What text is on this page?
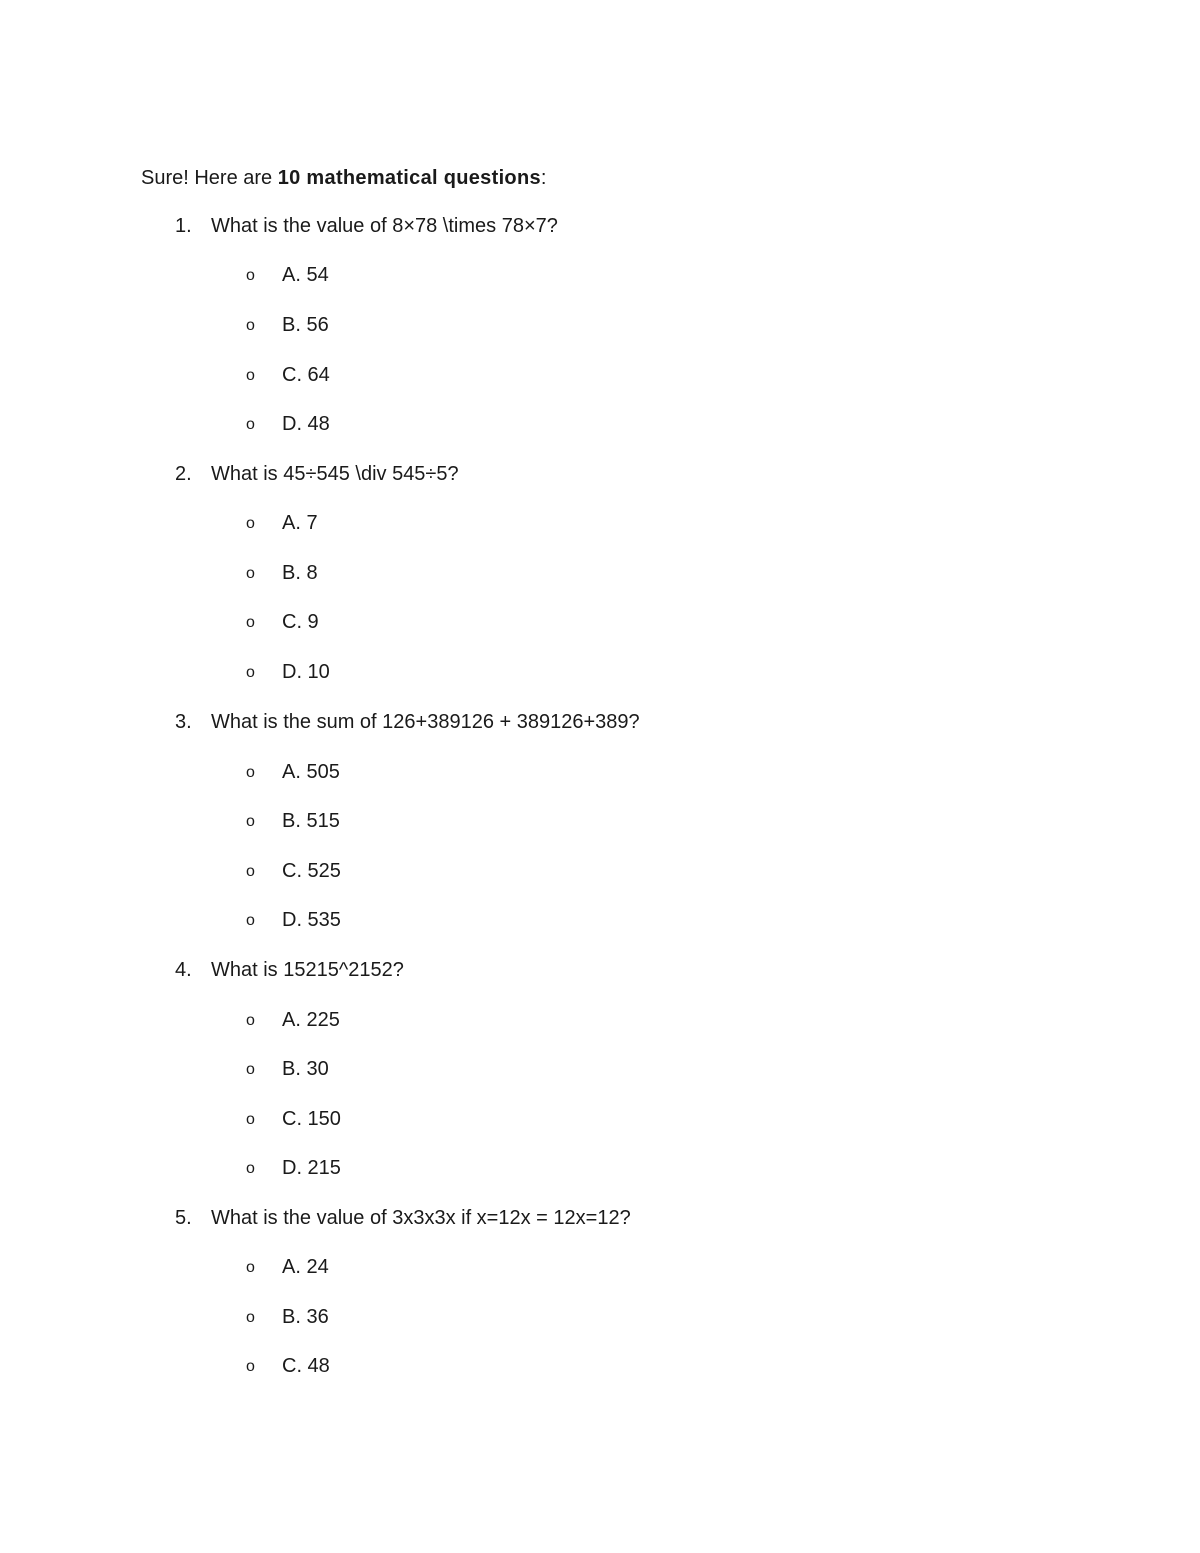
Sure! Here are 10 mathematical questions:
1. What is the value of 8×78 \times 78×7?
o A. 54
o B. 56
o C. 64
o D. 48
2. What is 45÷545 \div 545÷5?
o A. 7
o B. 8
o C. 9
o D. 10
3. What is the sum of 126+389126 + 389126+389?
o A. 505
o B. 515
o C. 525
o D. 535
4. What is 15215^2152?
o A. 225
o B. 30
o C. 150
o D. 215
5. What is the value of 3x3x3x if x=12x = 12x=12?
o A. 24
o B. 36
o C. 48
